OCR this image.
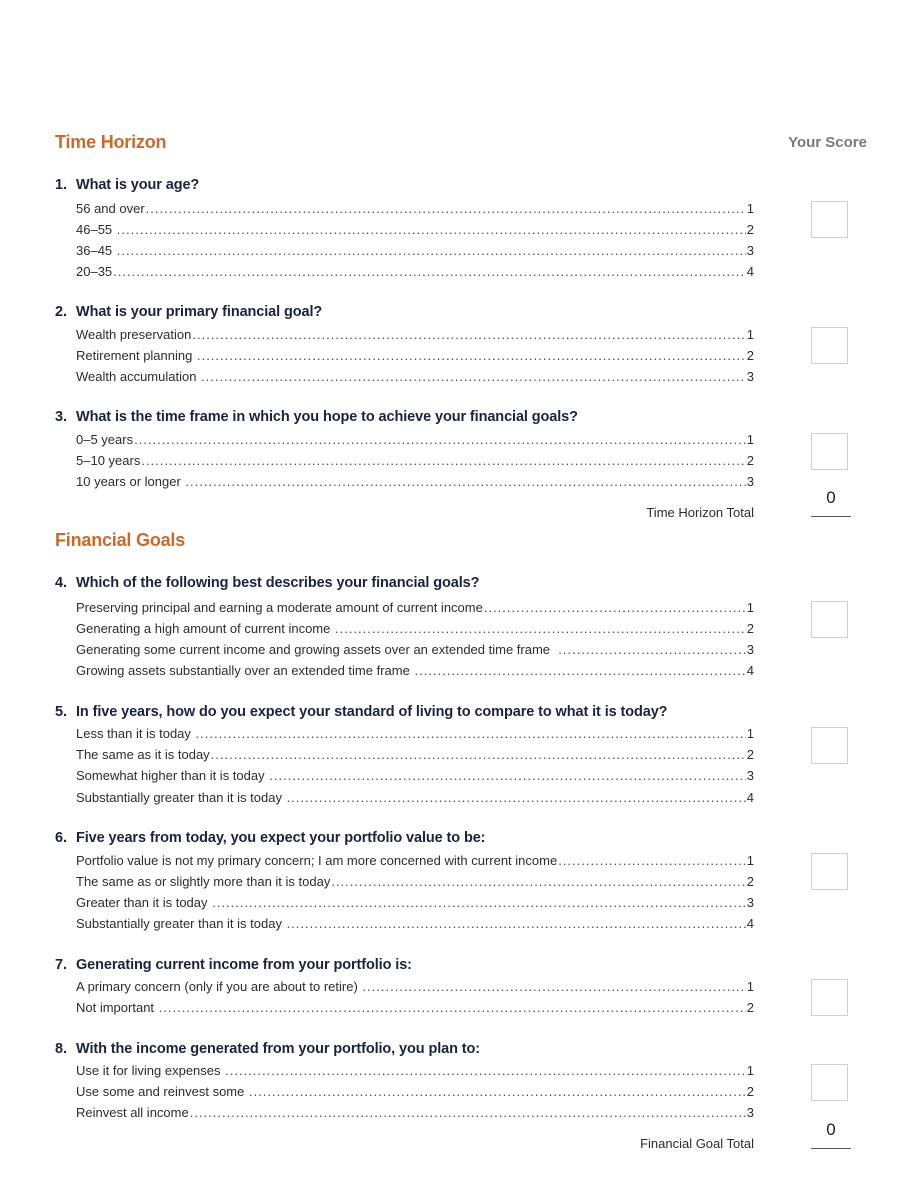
Time Horizon	Your Score
1. What is your age?
56 and over .....	1
46–55 .....	2
36–45 .....	3
20–35 .....	4
2. What is your primary financial goal?
Wealth preservation .....	1
Retirement planning .....	2
Wealth accumulation .....	3
3. What is the time frame in which you hope to achieve your financial goals?
0–5 years .....	1
5–10 years .....	2
10 years or longer .....	3
Time Horizon Total
0
Financial Goals
4. Which of the following best describes your financial goals?
Preserving principal and earning a moderate amount of current income .....	1
Generating a high amount of current income .....	2
Generating some current income and growing assets over an extended time frame .....	3
Growing assets substantially over an extended time frame .....	4
5. In five years, how do you expect your standard of living to compare to what it is today?
Less than it is today .....	1
The same as it is today .....	2
Somewhat higher than it is today .....	3
Substantially greater than it is today .....	4
6. Five years from today, you expect your portfolio value to be:
Portfolio value is not my primary concern; I am more concerned with current income .....	1
The same as or slightly more than it is today .....	2
Greater than it is today .....	3
Substantially greater than it is today .....	4
7. Generating current income from your portfolio is:
A primary concern (only if you are about to retire) .....	1
Not important .....	2
8. With the income generated from your portfolio, you plan to:
Use it for living expenses .....	1
Use some and reinvest some .....	2
Reinvest all income .....	3
Financial Goal Total
0
